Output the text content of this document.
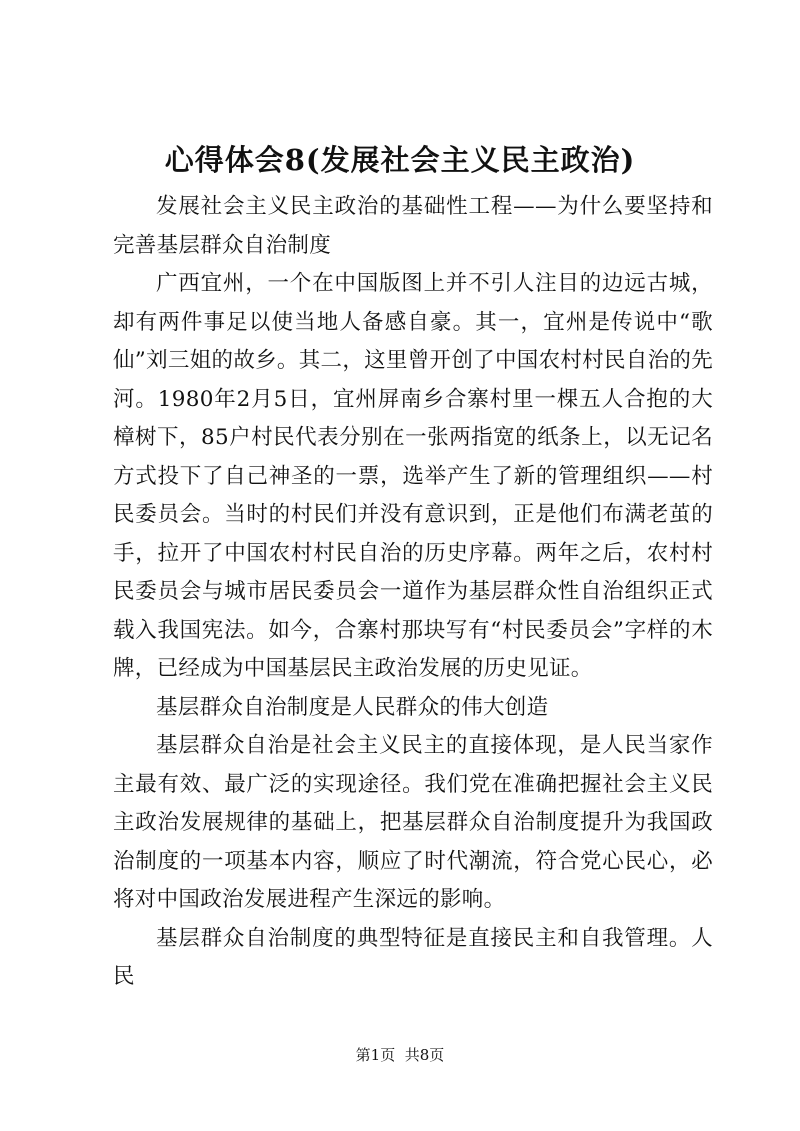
心得体会8(发展社会主义民主政治)

发展社会主义民主政治的基础性工程——为什么要坚持和完善基层群众自治制度

广西宜州，一个在中国版图上并不引人注目的边远古城，却有两件事足以使当地人备感自豪。其一，宜州是传说中“歌仙”刘三姐的故乡。其二，这里曾开创了中国农村村民自治的先河。1980年2月5日，宜州屏南乡合寨村里一棵五人合抱的大樟树下，85户村民代表分别在一张两指宽的纸条上，以无记名方式投下了自己神圣的一票，选举产生了新的管理组织——村民委员会。当时的村民们并没有意识到，正是他们布满老茧的手，拉开了中国农村村民自治的历史序幕。两年之后，农村村民委员会与城市居民委员会一道作为基层群众性自治组织正式载入我国宪法。如今，合寨村那块写有“村民委员会”字样的木牌，已经成为中国基层民主政治发展的历史见证。

基层群众自治制度是人民群众的伟大创造

基层群众自治是社会主义民主的直接体现，是人民当家作主最有效、最广泛的实现途径。我们党在准确把握社会主义民主政治发展规律的基础上，把基层群众自治制度提升为我国政治制度的一项基本内容，顺应了时代潮流，符合党心民心，必将对中国政治发展进程产生深远的影响。

基层群众自治制度的典型特征是直接民主和自我管理。人民

第1页 共8页
